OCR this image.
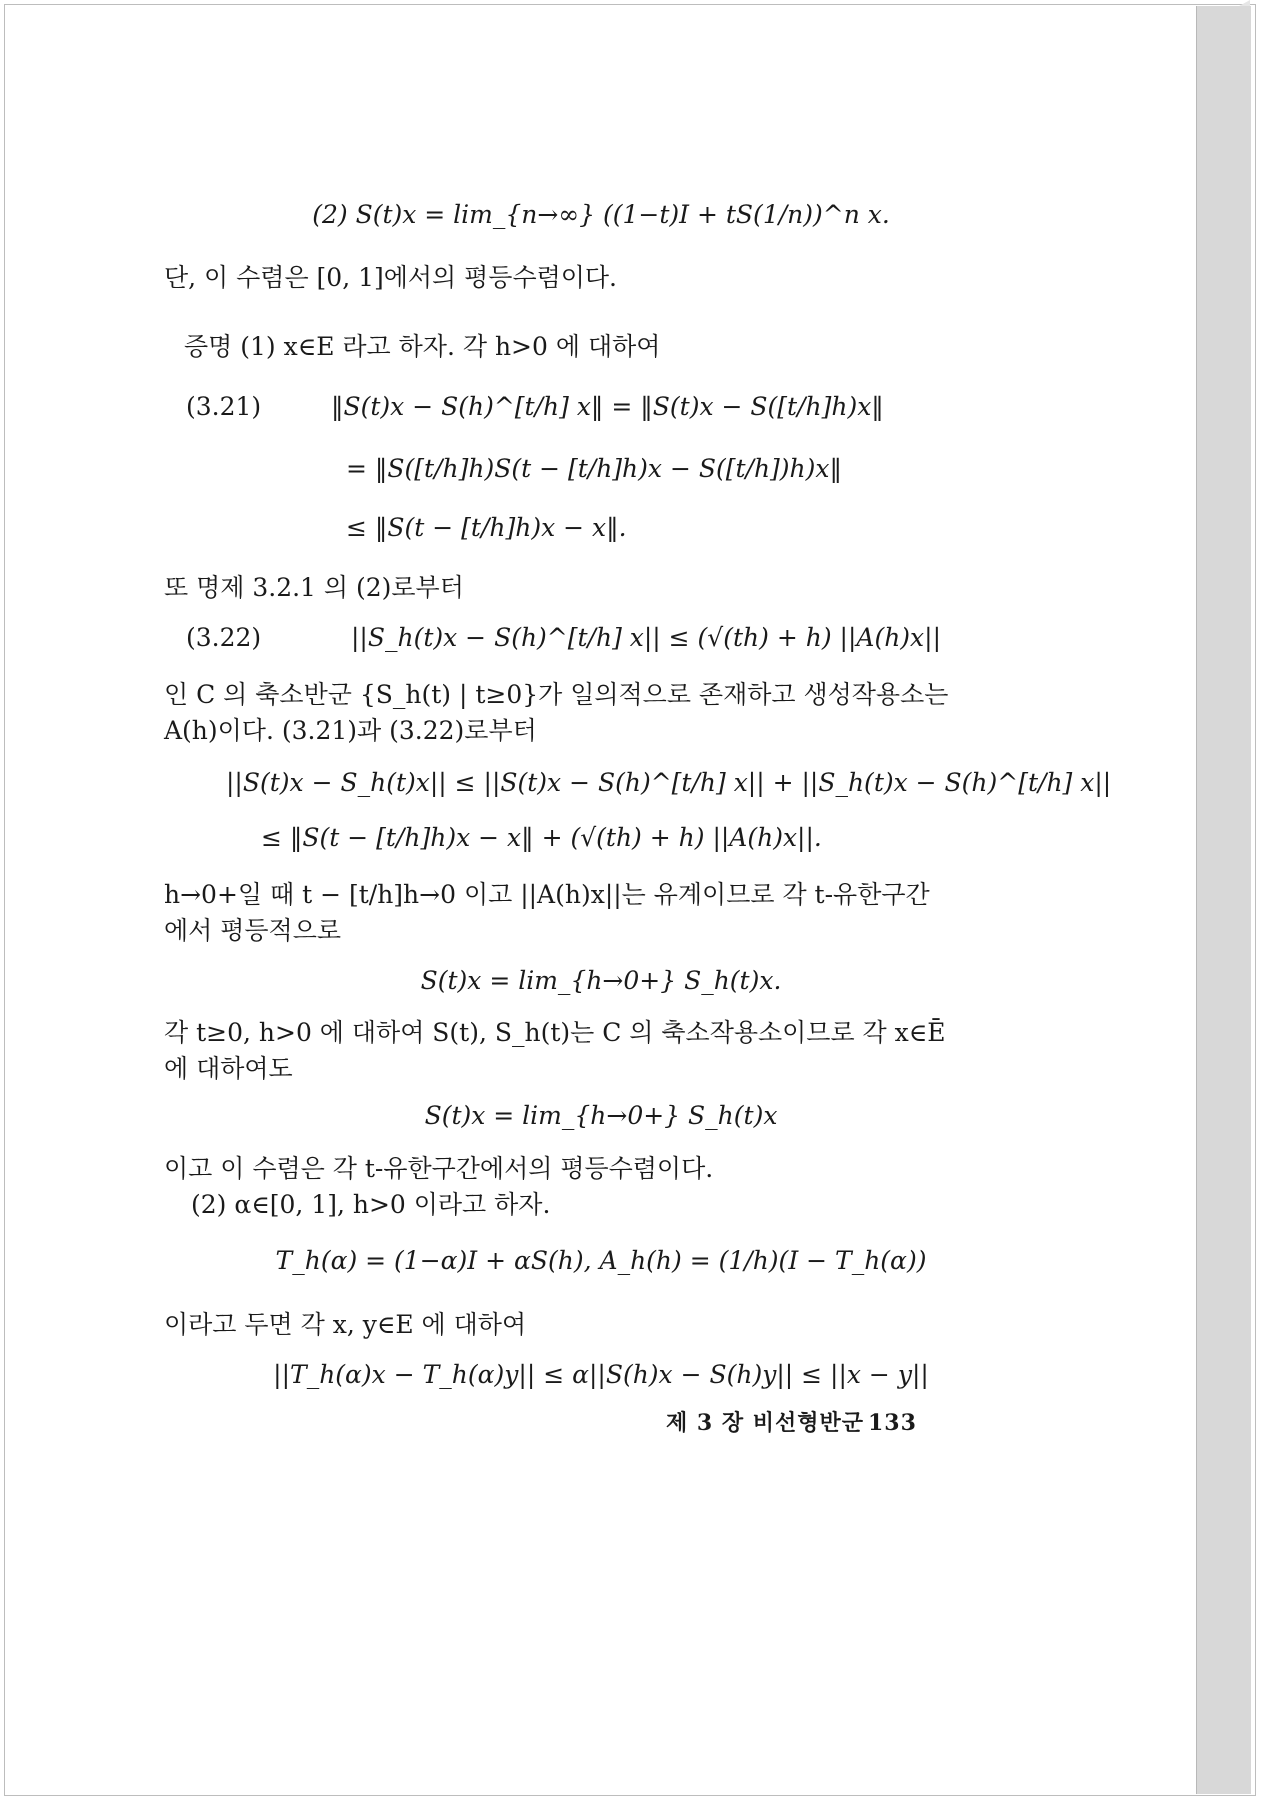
(2) S(t)x = lim_{n→∞} ((1−t)I + tS(1/n))^n x.
단, 이 수렴은 [0, 1]에서의 평등수렴이다.
증명 (1) x∈E 라고 하자. 각 h>0 에 대하여
(3.21)	‖S(t)x − S(h)^[t/h] x‖ = ‖S(t)x − S([t/h]h)x‖
= ‖S([t/h]h)S(t − [t/h]h)x − S([t/h])h)x‖
≤ ‖S(t − [t/h]h)x − x‖.
또 명제 3.2.1 의 (2)로부터
(3.22)	||S_h(t)x − S(h)^[t/h] x|| ≤ (√(th) + h) ||A(h)x||
인 C 의 축소반군 {S_h(t) | t≥0}가 일의적으로 존재하고 생성작용소는
A(h)이다. (3.21)과 (3.22)로부터
||S(t)x − S_h(t)x|| ≤ ||S(t)x − S(h)^[t/h] x|| + ||S_h(t)x − S(h)^[t/h] x||
≤ ‖S(t − [t/h]h)x − x‖ + (√(th) + h) ||A(h)x||.
h→0+일 때 t − [t/h]h→0 이고 ||A(h)x||는 유계이므로 각 t-유한구간
에서 평등적으로
S(t)x = lim_{h→0+} S_h(t)x.
각 t≥0, h>0 에 대하여 S(t), S_h(t)는 C 의 축소작용소이므로 각 x∈Ē
에 대하여도
S(t)x = lim_{h→0+} S_h(t)x
이고 이 수렴은 각 t-유한구간에서의 평등수렴이다.
(2) α∈[0, 1], h>0 이라고 하자.
T_h(α) = (1−α)I + αS(h), A_h(h) = (1/h)(I − T_h(α))
이라고 두면 각 x, y∈E 에 대하여
||T_h(α)x − T_h(α)y|| ≤ α||S(h)x − S(h)y|| ≤ ||x − y||
제 3 장 비선형반군 133
